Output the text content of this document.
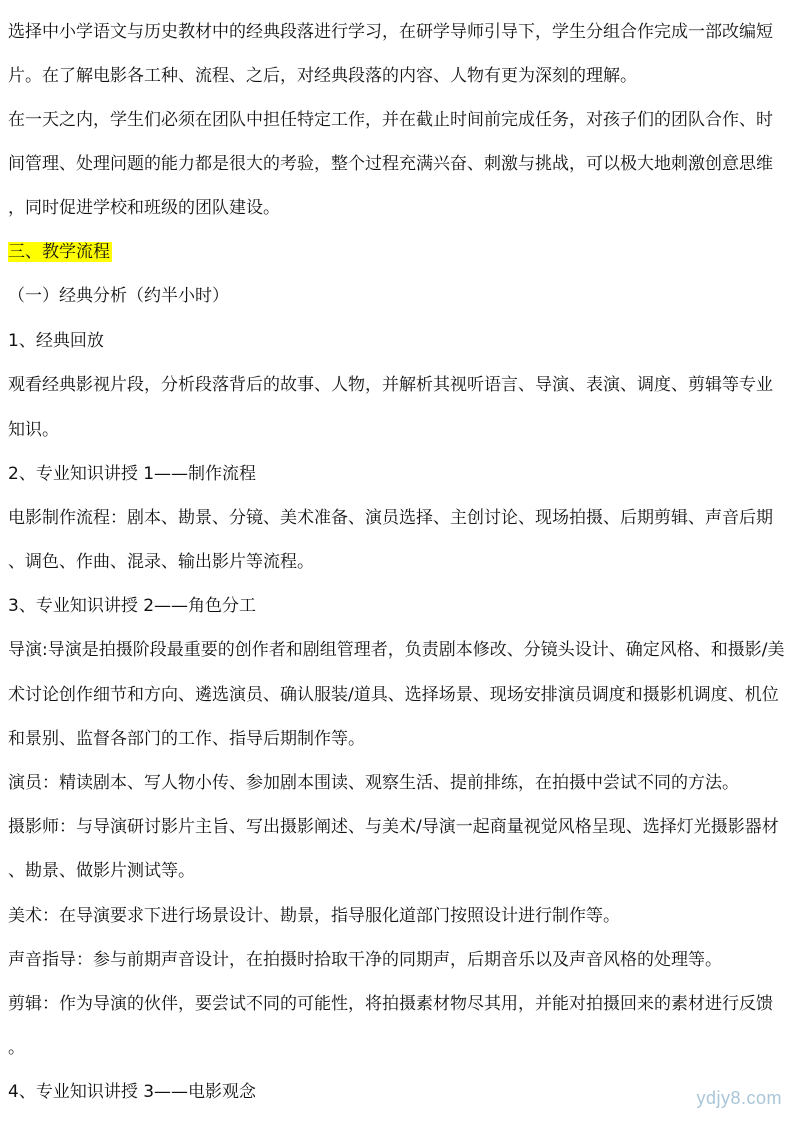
选择中小学语文与历史教材中的经典段落进行学习，在研学导师引导下，学生分组合作完成一部改编短
片。在了解电影各工种、流程、之后，对经典段落的内容、人物有更为深刻的理解。
在一天之内，学生们必须在团队中担任特定工作，并在截止时间前完成任务，对孩子们的团队合作、时
间管理、处理问题的能力都是很大的考验，整个过程充满兴奋、刺激与挑战，可以极大地刺激创意思维
，同时促进学校和班级的团队建设。
三、教学流程
（一）经典分析（约半小时）
1、经典回放
观看经典影视片段，分析段落背后的故事、人物，并解析其视听语言、导演、表演、调度、剪辑等专业
知识。
2、专业知识讲授 1——制作流程
电影制作流程：剧本、勘景、分镜、美术准备、演员选择、主创讨论、现场拍摄、后期剪辑、声音后期
、调色、作曲、混录、输出影片等流程。
3、专业知识讲授 2——角色分工
导演:导演是拍摄阶段最重要的创作者和剧组管理者，负责剧本修改、分镜头设计、确定风格、和摄影/美
术讨论创作细节和方向、遴选演员、确认服装/道具、选择场景、现场安排演员调度和摄影机调度、机位
和景别、监督各部门的工作、指导后期制作等。
演员：精读剧本、写人物小传、参加剧本围读、观察生活、提前排练，在拍摄中尝试不同的方法。
摄影师：与导演研讨影片主旨、写出摄影阐述、与美术/导演一起商量视觉风格呈现、选择灯光摄影器材
、勘景、做影片测试等。
美术：在导演要求下进行场景设计、勘景，指导服化道部门按照设计进行制作等。
声音指导：参与前期声音设计，在拍摄时拾取干净的同期声，后期音乐以及声音风格的处理等。
剪辑：作为导演的伙伴，要尝试不同的可能性，将拍摄素材物尽其用，并能对拍摄回来的素材进行反馈
。
4、专业知识讲授 3——电影观念	ydjy8.com
